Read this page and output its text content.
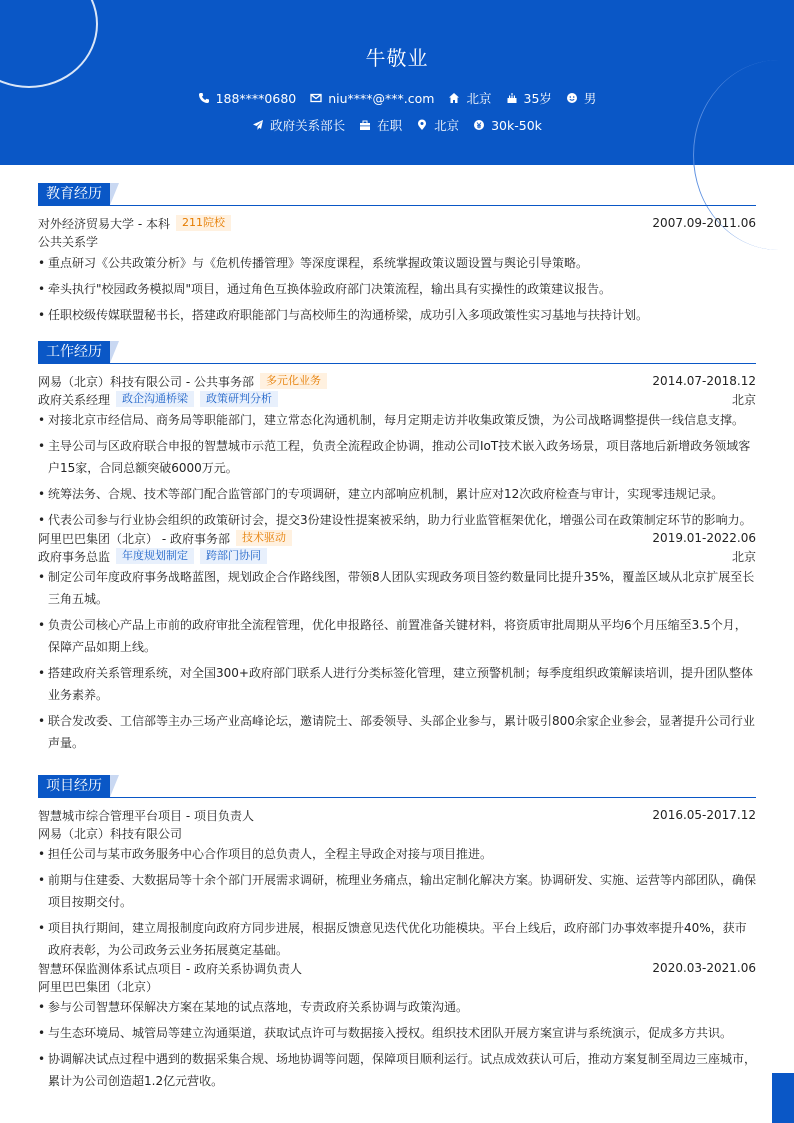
牛敬业
188****0680	niu****@***.com	北京	35岁	男
政府关系部长	在职	北京	30k-50k
教育经历
对外经济贸易大学 - 本科	211院校	2007.09-2011.06
公共关系学
• 重点研习《公共政策分析》与《危机传播管理》等深度课程，系统掌握政策议题设置与舆论引导策略。
• 牵头执行"校园政务模拟周"项目，通过角色互换体验政府部门决策流程，输出具有实操性的政策建议报告。
• 任职校级传媒联盟秘书长，搭建政府职能部门与高校师生的沟通桥梁，成功引入多项政策性实习基地与扶持计划。
工作经历
网易（北京）科技有限公司 - 公共事务部	多元化业务	2014.07-2018.12
政府关系经理	政企沟通桥梁	政策研判分析	北京
• 对接北京市经信局、商务局等职能部门，建立常态化沟通机制，每月定期走访并收集政策反馈，为公司战略调整提供一线信息支撑。
• 主导公司与区政府联合申报的智慧城市示范工程，负责全流程政企协调，推动公司IoT技术嵌入政务场景，项目落地后新增政务领域客户15家，合同总额突破6000万元。
• 统筹法务、合规、技术等部门配合监管部门的专项调研，建立内部响应机制，累计应对12次政府检查与审计，实现零违规记录。
• 代表公司参与行业协会组织的政策研讨会，提交3份建设性提案被采纳，助力行业监管框架优化，增强公司在政策制定环节的影响力。
阿里巴巴集团（北京） - 政府事务部	技术驱动	2019.01-2022.06
政府事务总监	年度规划制定	跨部门协同	北京
• 制定公司年度政府事务战略蓝图，规划政企合作路线图，带领8人团队实现政务项目签约数量同比提升35%，覆盖区域从北京扩展至长三角五城。
• 负责公司核心产品上市前的政府审批全流程管理，优化申报路径、前置准备关键材料，将资质审批周期从平均6个月压缩至3.5个月，保障产品如期上线。
• 搭建政府关系管理系统，对全国300+政府部门联系人进行分类标签化管理，建立预警机制；每季度组织政策解读培训，提升团队整体业务素养。
• 联合发改委、工信部等主办三场产业高峰论坛，邀请院士、部委领导、头部企业参与，累计吸引800余家企业参会，显著提升公司行业声量。
项目经历
智慧城市综合管理平台项目 - 项目负责人	2016.05-2017.12
网易（北京）科技有限公司
• 担任公司与某市政务服务中心合作项目的总负责人，全程主导政企对接与项目推进。
• 前期与住建委、大数据局等十余个部门开展需求调研，梳理业务痛点，输出定制化解决方案。协调研发、实施、运营等内部团队，确保项目按期交付。
• 项目执行期间，建立周报制度向政府方同步进展，根据反馈意见迭代优化功能模块。平台上线后，政府部门办事效率提升40%，获市政府表彰，为公司政务云业务拓展奠定基础。
智慧环保监测体系试点项目 - 政府关系协调负责人	2020.03-2021.06
阿里巴巴集团（北京）
• 参与公司智慧环保解决方案在某地的试点落地，专责政府关系协调与政策沟通。
• 与生态环境局、城管局等建立沟通渠道，获取试点许可与数据接入授权。组织技术团队开展方案宣讲与系统演示，促成多方共识。
• 协调解决试点过程中遇到的数据采集合规、场地协调等问题，保障项目顺利运行。试点成效获认可后，推动方案复制至周边三座城市，累计为公司创造超1.2亿元营收。
